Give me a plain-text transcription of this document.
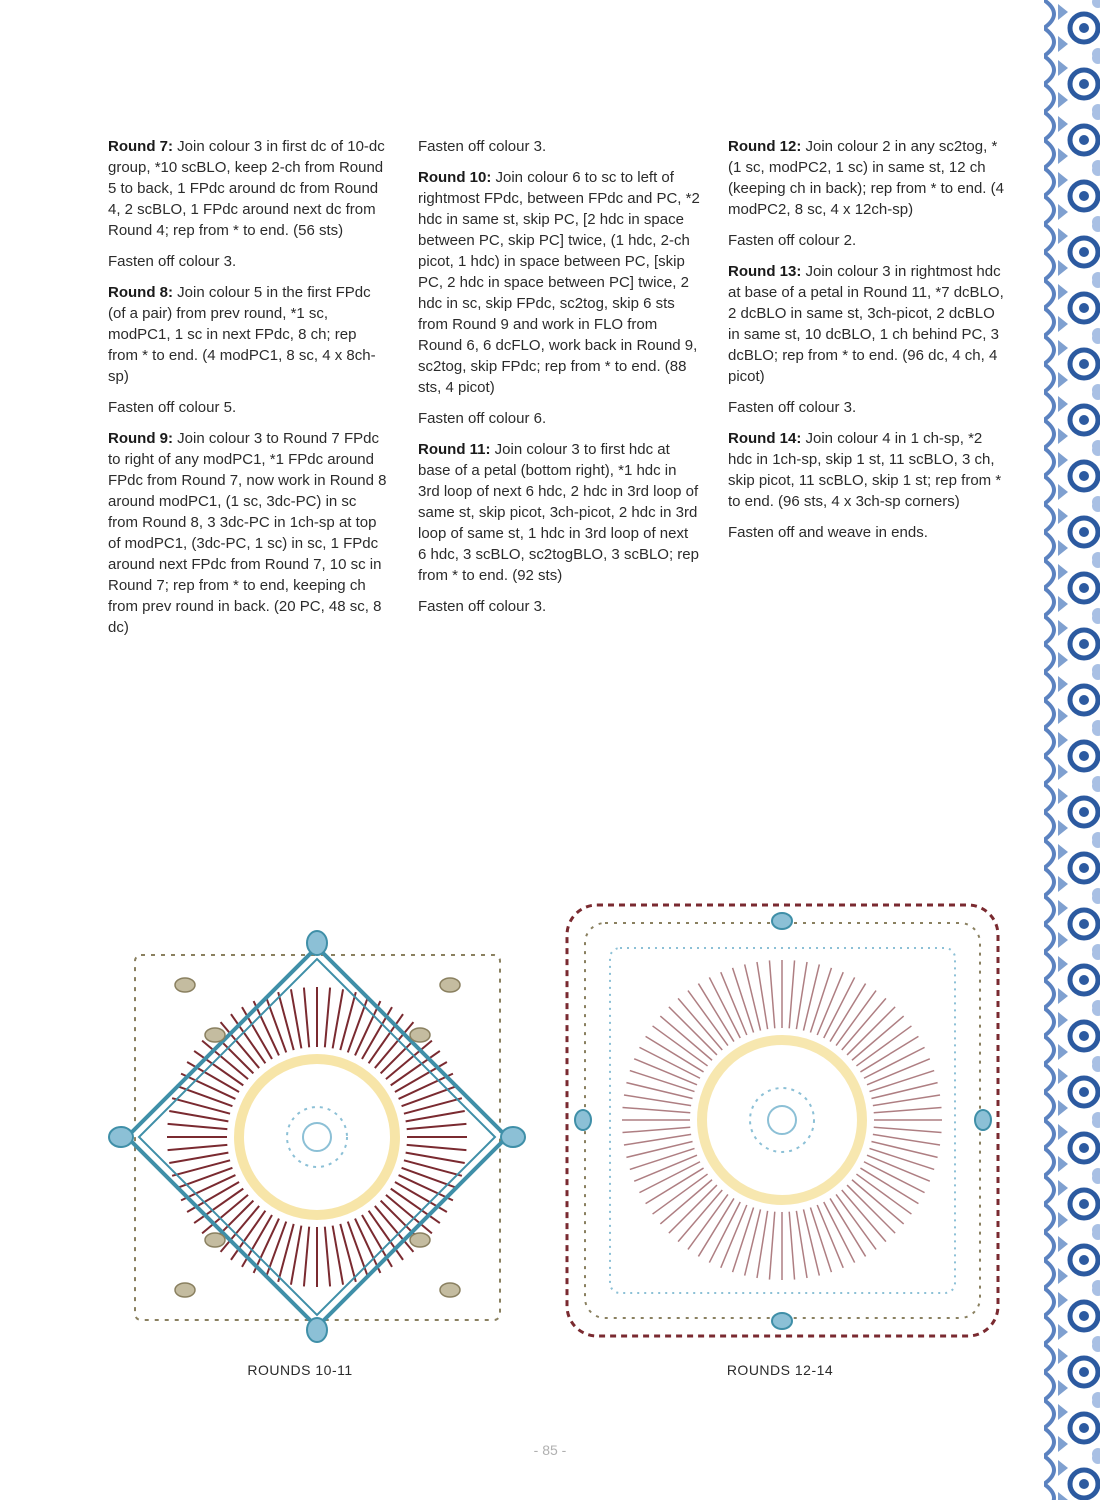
Round 7: Join colour 3 in first dc of 10-dc group, *10 scBLO, keep 2-ch from Round 5 to back, 1 FPdc around dc from Round 4, 2 scBLO, 1 FPdc around next dc from Round 4; rep from * to end. (56 sts)

Fasten off colour 3.

Round 8: Join colour 5 in the first FPdc (of a pair) from prev round, *1 sc, modPC1, 1 sc in next FPdc, 8 ch; rep from * to end. (4 modPC1, 8 sc, 4 x 8ch-sp)

Fasten off colour 5.

Round 9: Join colour 3 to Round 7 FPdc to right of any modPC1, *1 FPdc around FPdc from Round 7, now work in Round 8 around modPC1, (1 sc, 3dc-PC) in sc from Round 8, 3 3dc-PC in 1ch-sp at top of modPC1, (3dc-PC, 1 sc) in sc, 1 FPdc around next FPdc from Round 7, 10 sc in Round 7; rep from * to end, keeping ch from prev round in back. (20 PC, 48 sc, 8 dc)

Fasten off colour 3.

Round 10: Join colour 6 to sc to left of rightmost FPdc, between FPdc and PC, *2 hdc in same st, skip PC, [2 hdc in space between PC, skip PC] twice, (1 hdc, 2-ch picot, 1 hdc) in space between PC, [skip PC, 2 hdc in space between PC] twice, 2 hdc in sc, skip FPdc, sc2tog, skip 6 sts from Round 9 and work in FLO from Round 6, 6 dcFLO, work back in Round 9, sc2tog, skip FPdc; rep from * to end. (88 sts, 4 picot)

Fasten off colour 6.

Round 11: Join colour 3 to first hdc at base of a petal (bottom right), *1 hdc in 3rd loop of next 6 hdc, 2 hdc in 3rd loop of same st, skip picot, 3ch-picot, 2 hdc in 3rd loop of same st, 1 hdc in 3rd loop of next 6 hdc, 3 scBLO, sc2togBLO, 3 scBLO; rep from * to end. (92 sts)

Fasten off colour 3.

Round 12: Join colour 2 in any sc2tog, *(1 sc, modPC2, 1 sc) in same st, 12 ch (keeping ch in back); rep from * to end. (4 modPC2, 8 sc, 4 x 12ch-sp)

Fasten off colour 2.

Round 13: Join colour 3 in rightmost hdc at base of a petal in Round 11, *7 dcBLO, 2 dcBLO in same st, 3ch-picot, 2 dcBLO in same st, 10 dcBLO, 1 ch behind PC, 3 dcBLO; rep from * to end. (96 dc, 4 ch, 4 picot)

Fasten off colour 3.

Round 14: Join colour 4 in 1 ch-sp, *2 hdc in 1ch-sp, skip 1 st, 11 scBLO, 3 ch, skip picot, 11 scBLO, skip 1 st; rep from * to end. (96 sts, 4 x 3ch-sp corners)

Fasten off and weave in ends.

ROUNDS 10-11	ROUNDS 12-14
- 85 -
